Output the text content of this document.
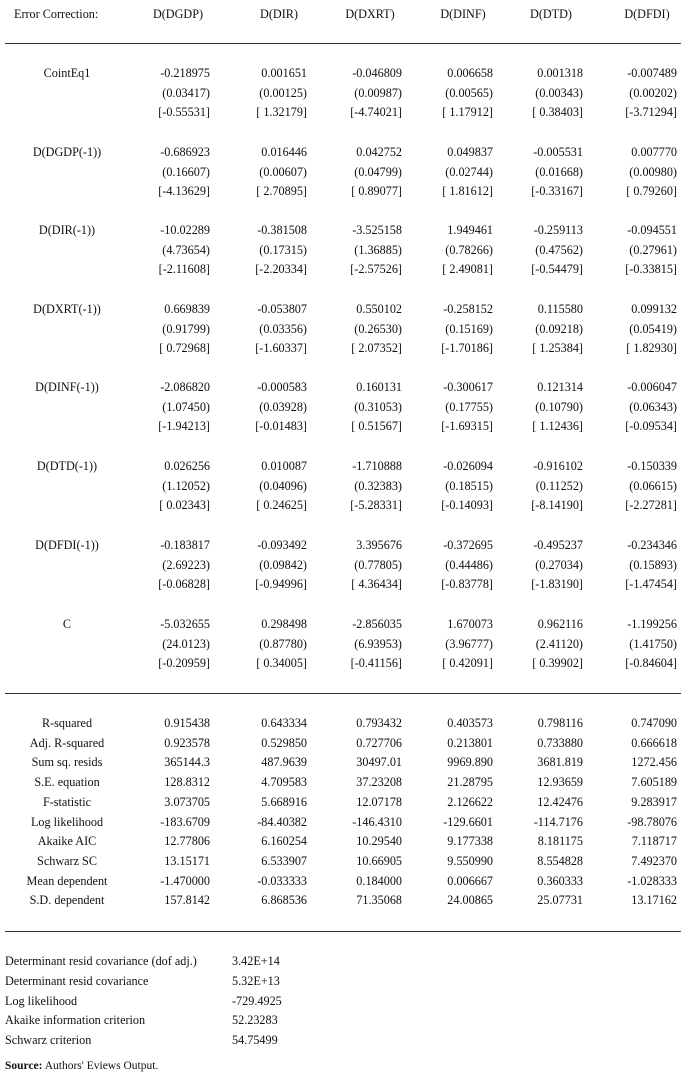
Error Correction:	D(DGDP)	D(DIR)	D(DXRT)	D(DINF)	D(DTD)	D(DFDI)
CointEq1	-0.218975	0.001651	-0.046809	0.006658	0.001318	-0.007489
(0.03417)	(0.00125)	(0.00987)	(0.00565)	(0.00343)	(0.00202)
[-0.55531]	[ 1.32179]	[-4.74021]	[ 1.17912]	[ 0.38403]	[-3.71294]
D(DGDP(-1))	-0.686923	0.016446	0.042752	0.049837	-0.005531	0.007770
(0.16607)	(0.00607)	(0.04799)	(0.02744)	(0.01668)	(0.00980)
[-4.13629]	[ 2.70895]	[ 0.89077]	[ 1.81612]	[-0.33167]	[ 0.79260]
D(DIR(-1))	-10.02289	-0.381508	-3.525158	1.949461	-0.259113	-0.094551
(4.73654)	(0.17315)	(1.36885)	(0.78266)	(0.47562)	(0.27961)
[-2.11608]	[-2.20334]	[-2.57526]	[ 2.49081]	[-0.54479]	[-0.33815]
D(DXRT(-1))	0.669839	-0.053807	0.550102	-0.258152	0.115580	0.099132
(0.91799)	(0.03356)	(0.26530)	(0.15169)	(0.09218)	(0.05419)
[ 0.72968]	[-1.60337]	[ 2.07352]	[-1.70186]	[ 1.25384]	[ 1.82930]
D(DINF(-1))	-2.086820	-0.000583	0.160131	-0.300617	0.121314	-0.006047
(1.07450)	(0.03928)	(0.31053)	(0.17755)	(0.10790)	(0.06343)
[-1.94213]	[-0.01483]	[ 0.51567]	[-1.69315]	[ 1.12436]	[-0.09534]
D(DTD(-1))	0.026256	0.010087	-1.710888	-0.026094	-0.916102	-0.150339
(1.12052)	(0.04096)	(0.32383)	(0.18515)	(0.11252)	(0.06615)
[ 0.02343]	[ 0.24625]	[-5.28331]	[-0.14093]	[-8.14190]	[-2.27281]
D(DFDI(-1))	-0.183817	-0.093492	3.395676	-0.372695	-0.495237	-0.234346
(2.69223)	(0.09842)	(0.77805)	(0.44486)	(0.27034)	(0.15893)
[-0.06828]	[-0.94996]	[ 4.36434]	[-0.83778]	[-1.83190]	[-1.47454]
C	-5.032655	0.298498	-2.856035	1.670073	0.962116	-1.199256
(24.0123)	(0.87780)	(6.93953)	(3.96777)	(2.41120)	(1.41750)
[-0.20959]	[ 0.34005]	[-0.41156]	[ 0.42091]	[ 0.39902]	[-0.84604]
R-squared	0.915438	0.643334	0.793432	0.403573	0.798116	0.747090
Adj. R-squared	0.923578	0.529850	0.727706	0.213801	0.733880	0.666618
Sum sq. resids	365144.3	487.9639	30497.01	9969.890	3681.819	1272.456
S.E. equation	128.8312	4.709583	37.23208	21.28795	12.93659	7.605189
F-statistic	3.073705	5.668916	12.07178	2.126622	12.42476	9.283917
Log likelihood	-183.6709	-84.40382	-146.4310	-129.6601	-114.7176	-98.78076
Akaike AIC	12.77806	6.160254	10.29540	9.177338	8.181175	7.118717
Schwarz SC	13.15171	6.533907	10.66905	9.550990	8.554828	7.492370
Mean dependent	-1.470000	-0.033333	0.184000	0.006667	0.360333	-1.028333
S.D. dependent	157.8142	6.868536	71.35068	24.00865	25.07731	13.17162
Determinant resid covariance (dof adj.)	3.42E+14
Determinant resid covariance	5.32E+13
Log likelihood	-729.4925
Akaike information criterion	52.23283
Schwarz criterion	54.75499
Source: Authors' Eviews Output.
